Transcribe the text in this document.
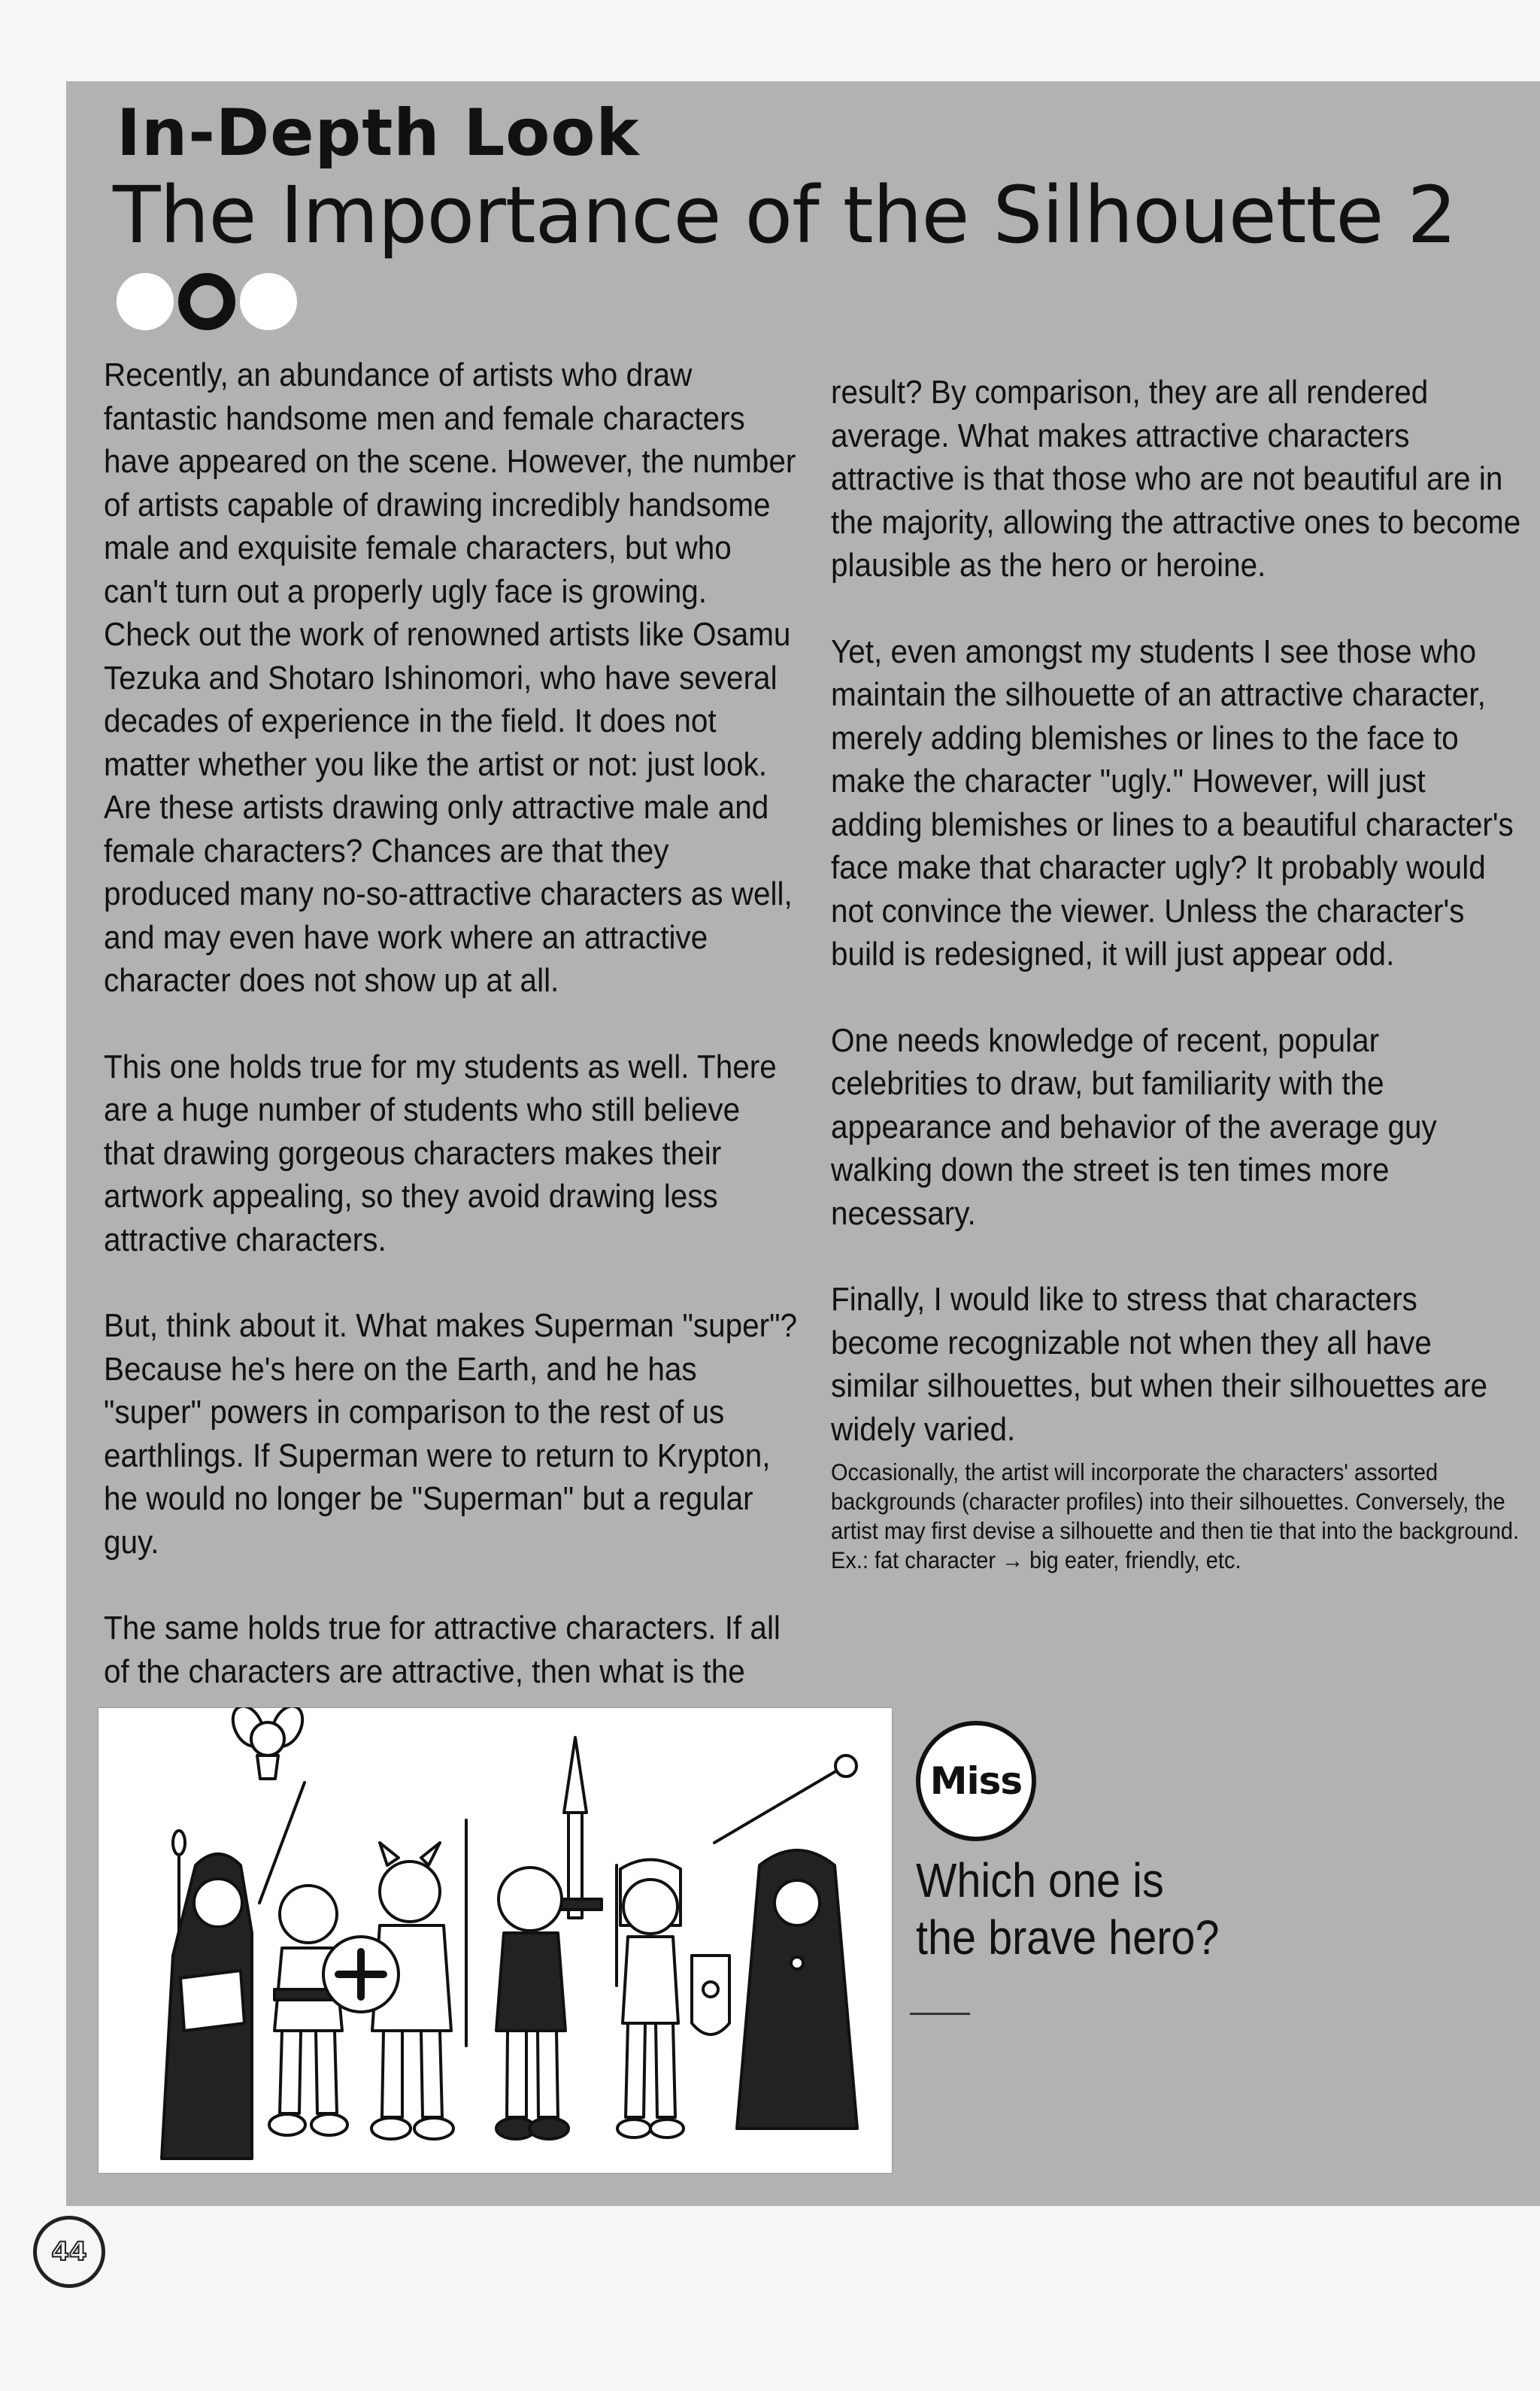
In-Depth Look
The Importance of the Silhouette 2

Recently, an abundance of artists who draw fantastic handsome men and female characters have appeared on the scene. However, the number of artists capable of drawing incredibly handsome male and exquisite female characters, but who can't turn out a properly ugly face is growing. Check out the work of renowned artists like Osamu Tezuka and Shotaro Ishinomori, who have several decades of experience in the field. It does not matter whether you like the artist or not: just look. Are these artists drawing only attractive male and female characters? Chances are that they produced many no-so-attractive characters as well, and may even have work where an attractive character does not show up at all.

This one holds true for my students as well. There are a huge number of students who still believe that drawing gorgeous characters makes their artwork appealing, so they avoid drawing less attractive characters.

But, think about it. What makes Superman "super"? Because he's here on the Earth, and he has "super" powers in comparison to the rest of us earthlings. If Superman were to return to Krypton, he would no longer be "Superman" but a regular guy.

The same holds true for attractive characters. If all of the characters are attractive, then what is the

result? By comparison, they are all rendered average. What makes attractive characters attractive is that those who are not beautiful are in the majority, allowing the attractive ones to become plausible as the hero or heroine.

Yet, even amongst my students I see those who maintain the silhouette of an attractive character, merely adding blemishes or lines to the face to make the character "ugly." However, will just adding blemishes or lines to a beautiful character's face make that character ugly? It probably would not convince the viewer. Unless the character's build is redesigned, it will just appear odd.

One needs knowledge of recent, popular celebrities to draw, but familiarity with the appearance and behavior of the average guy walking down the street is ten times more necessary.

Finally, I would like to stress that characters become recognizable not when they all have similar silhouettes, but when their silhouettes are widely varied.

Occasionally, the artist will incorporate the characters' assorted backgrounds (character profiles) into their silhouettes. Conversely, the artist may first devise a silhouette and then tie that into the background.
Ex.: fat character → big eater, friendly, etc.
Miss

Which one is
the brave hero?

44
